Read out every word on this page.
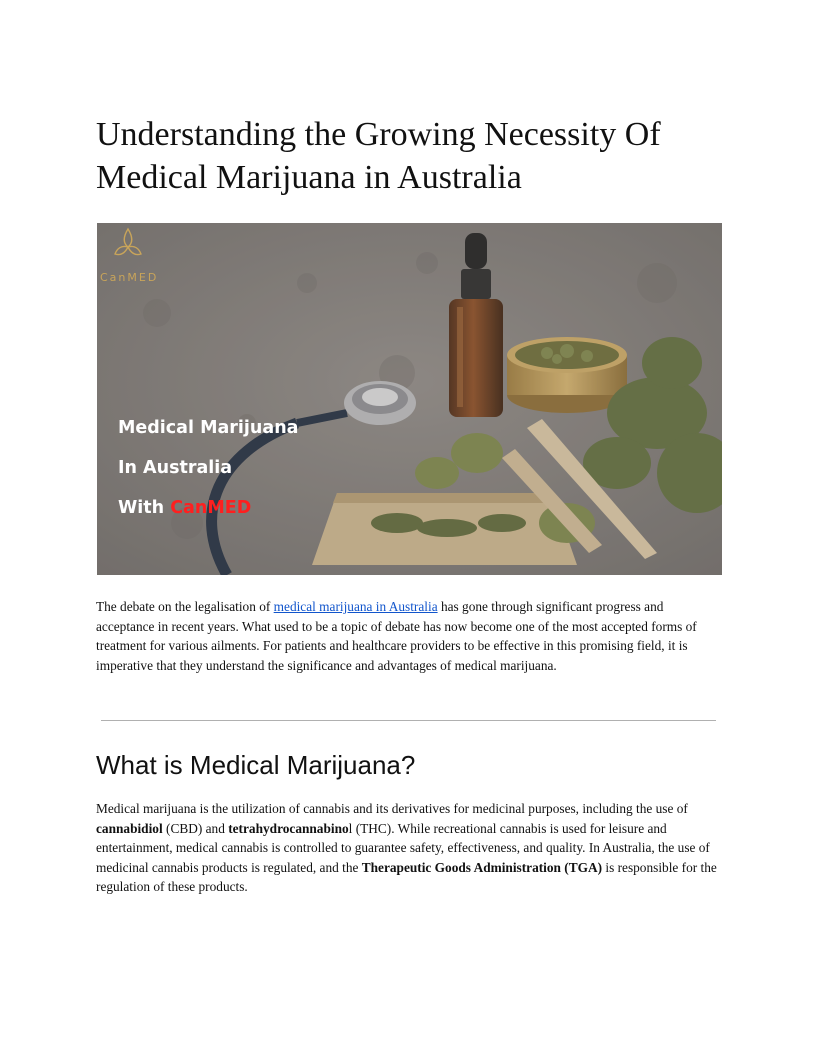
Understanding the Growing Necessity Of Medical Marijuana in Australia
CanMED
Medical Marijuana
In Australia
With CanMED

The debate on the legalisation of medical marijuana in Australia has gone through significant progress and acceptance in recent years. What used to be a topic of debate has now become one of the most accepted forms of treatment for various ailments. For patients and healthcare providers to be effective in this promising field, it is imperative that they understand the significance and advantages of medical marijuana.

What is Medical Marijuana?

Medical marijuana is the utilization of cannabis and its derivatives for medicinal purposes, including the use of cannabidiol (CBD) and tetrahydrocannabinol (THC). While recreational cannabis is used for leisure and entertainment, medical cannabis is controlled to guarantee safety, effectiveness, and quality. In Australia, the use of medicinal cannabis products is regulated, and the Therapeutic Goods Administration (TGA) is responsible for the regulation of these products.
